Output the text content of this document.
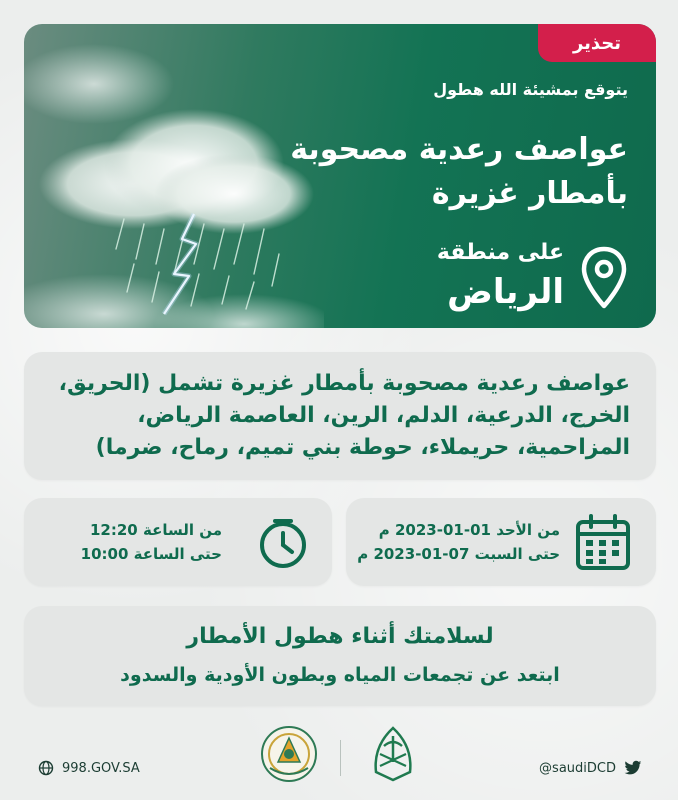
تحذير
يتوقع بمشيئة الله هطول
عواصف رعدية مصحوبة
بأمطار غزيرة
على منطقة
الرياض
عواصف رعدية مصحوبة بأمطار غزيرة تشمل (الحريق، الخرج، الدرعية، الدلم، الرين، العاصمة الرياض، المزاحمية، حريملاء، حوطة بني تميم، رماح، ضرما)
من الساعة 12:20
حتى الساعة 10:00
من الأحد 01-01-2023 م
حتى السبت 07-01-2023 م
لسلامتك أثناء هطول الأمطار
ابتعد عن تجمعات المياه وبطون الأودية والسدود
998.GOV.SA	@saudiDCD
